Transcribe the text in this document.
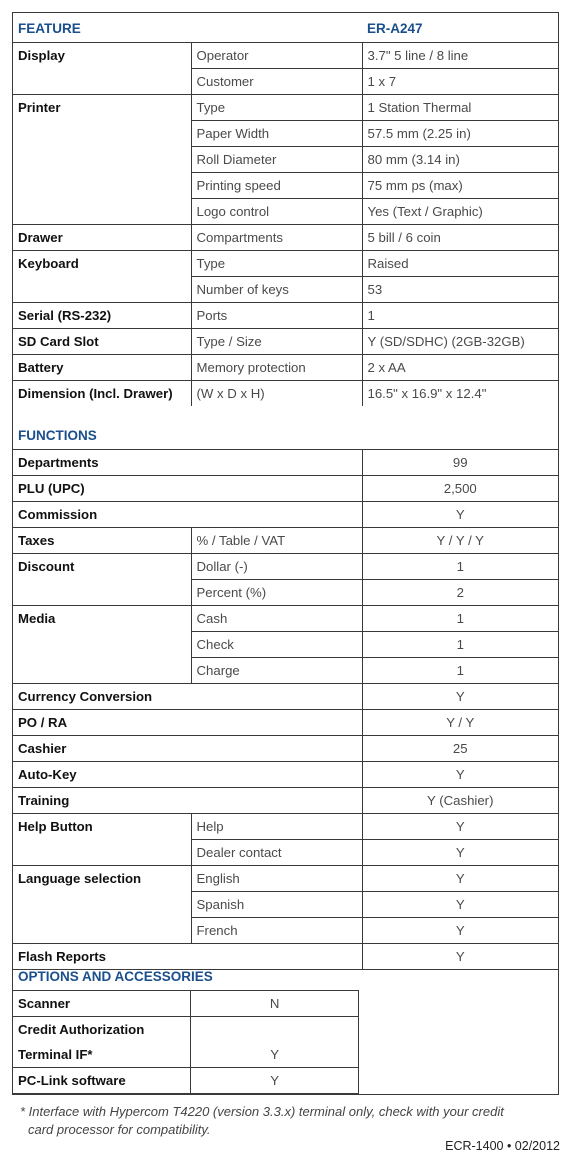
FEATURE		ER-A247
Display	Operator	3.7" 5 line / 8 line
	Customer	1 x 7
Printer	Type	1 Station Thermal
	Paper Width	57.5 mm (2.25 in)
	Roll Diameter	80 mm (3.14 in)
	Printing speed	75 mm ps (max)
	Logo control	Yes (Text / Graphic)
Drawer	Compartments	5 bill / 6 coin
Keyboard	Type	Raised
	Number of keys	53
Serial (RS-232)	Ports	1
SD Card Slot	Type / Size	Y (SD/SDHC) (2GB-32GB)
Battery	Memory protection	2 x AA
Dimension (Incl. Drawer)	(W x D x H)	16.5" x 16.9" x 12.4"
FUNCTIONS		
Departments		99
PLU (UPC)		2,500
Commission		Y
Taxes	% / Table / VAT	Y / Y / Y
Discount	Dollar (-)	1
	Percent (%)	2
Media	Cash	1
	Check	1
	Charge	1
Currency Conversion		Y
PO / RA		Y / Y
Cashier		25
Auto-Key		Y
Training		Y (Cashier)
Help Button	Help	Y
	Dealer contact	Y
Language selection	English	Y
	Spanish	Y
	French	Y
Flash Reports		Y
OPTIONS AND ACCESSORIES	
Scanner	N
Credit Authorization	
Terminal IF*	Y
PC-Link software	Y
* Interface with Hypercom T4220 (version 3.3.x) terminal only, check with your credit
card processor for compatibility.
ECR-1400 • 02/2012
